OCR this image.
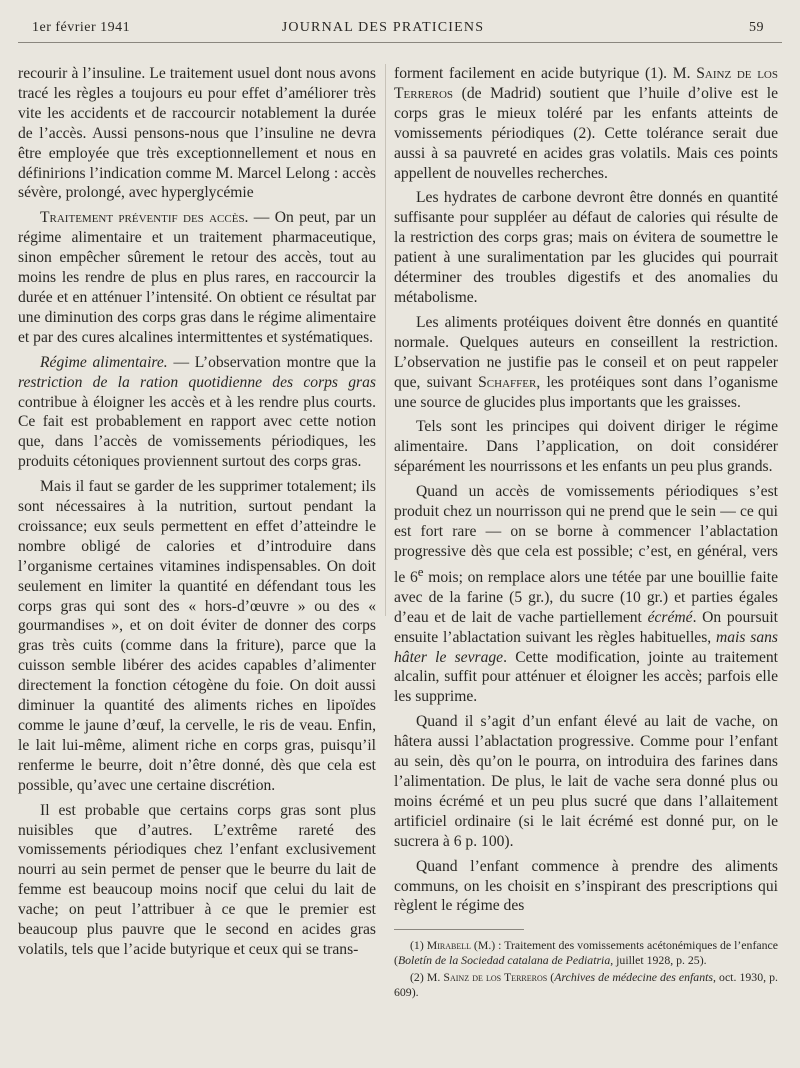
1er février 1941	JOURNAL DES PRATICIENS	59

recourir à l’insuline. Le traitement usuel dont nous avons tracé les règles a toujours eu pour effet d’améliorer très vite les accidents et de raccourcir notablement la durée de l’accès. Aussi pensons-nous que l’insuline ne devra être employée que très exceptionnellement et nous en définirions l’indication comme M. Marcel Lelong : accès sévère, prolongé, avec hyperglycémie

Traitement préventif des accès. — On peut, par un régime alimentaire et un traitement pharmaceutique, sinon empêcher sûrement le retour des accès, tout au moins les rendre de plus en plus rares, en raccourcir la durée et en atténuer l’intensité. On obtient ce résultat par une diminution des corps gras dans le régime alimentaire et par des cures alcalines intermittentes et systématiques.

Régime alimentaire. — L’observation montre que la restriction de la ration quotidienne des corps gras contribue à éloigner les accès et à les rendre plus courts. Ce fait est probablement en rapport avec cette notion que, dans l’accès de vomissements périodiques, les produits cétoniques proviennent surtout des corps gras.

Mais il faut se garder de les supprimer totalement; ils sont nécessaires à la nutrition, surtout pendant la croissance; eux seuls permettent en effet d’atteindre le nombre obligé de calories et d’introduire dans l’organisme certaines vitamines indispensables. On doit seulement en limiter la quantité en défendant tous les corps gras qui sont des « hors-d’œuvre » ou des « gourmandises », et on doit éviter de donner des corps gras très cuits (comme dans la friture), parce que la cuisson semble libérer des acides capables d’alimenter directement la fonction cétogène du foie. On doit aussi diminuer la quantité des aliments riches en lipoïdes comme le jaune d’œuf, la cervelle, le ris de veau. Enfin, le lait lui-même, aliment riche en corps gras, puisqu’il renferme le beurre, doit n’être donné, dès que cela est possible, qu’avec une certaine discrétion.

Il est probable que certains corps gras sont plus nuisibles que d’autres. L’extrême rareté des vomissements périodiques chez l’enfant exclusivement nourri au sein permet de penser que le beurre du lait de femme est beaucoup moins nocif que celui du lait de vache; on peut l’attribuer à ce que le premier est beaucoup plus pauvre que le second en acides gras volatils, tels que l’acide butyrique et ceux qui se trans-

forment facilement en acide butyrique (1). M. Sainz de los Terreros (de Madrid) soutient que l’huile d’olive est le corps gras le mieux toléré par les enfants atteints de vomissements périodiques (2). Cette tolérance serait due aussi à sa pauvreté en acides gras volatils. Mais ces points appellent de nouvelles recherches.

Les hydrates de carbone devront être donnés en quantité suffisante pour suppléer au défaut de calories qui résulte de la restriction des corps gras; mais on évitera de soumettre le patient à une suralimentation par les glucides qui pourrait déterminer des troubles digestifs et des anomalies du métabolisme.

Les aliments protéiques doivent être donnés en quantité normale. Quelques auteurs en conseillent la restriction. L’observation ne justifie pas le conseil et on peut rappeler que, suivant Schaffer, les protéiques sont dans l’oganisme une source de glucides plus importants que les graisses.

Tels sont les principes qui doivent diriger le régime alimentaire. Dans l’application, on doit considérer séparément les nourrissons et les enfants un peu plus grands.

Quand un accès de vomissements périodiques s’est produit chez un nourrisson qui ne prend que le sein — ce qui est fort rare — on se borne à commencer l’ablactation progressive dès que cela est possible; c’est, en général, vers le 6e mois; on remplace alors une tétée par une bouillie faite avec de la farine (5 gr.), du sucre (10 gr.) et parties égales d’eau et de lait de vache partiellement écrémé. On poursuit ensuite l’ablactation suivant les règles habituelles, mais sans hâter le sevrage. Cette modification, jointe au traitement alcalin, suffit pour atténuer et éloigner les accès; parfois elle les supprime.

Quand il s’agit d’un enfant élevé au lait de vache, on hâtera aussi l’ablactation progressive. Comme pour l’enfant au sein, dès qu’on le pourra, on introduira des farines dans l’alimentation. De plus, le lait de vache sera donné plus ou moins écrémé et un peu plus sucré que dans l’allaitement artificiel ordinaire (si le lait écrémé est donné pur, on le sucrera à 6 p. 100).

Quand l’enfant commence à prendre des aliments communs, on les choisit en s’inspirant des prescriptions qui règlent le régime des

(1) Mirabell (M.) : Traitement des vomissements acétonémiques de l’enfance (Boletín de la Sociedad catalana de Pediatria, juillet 1928, p. 25).

(2) M. Sainz de los Terreros (Archives de médecine des enfants, oct. 1930, p. 609).
